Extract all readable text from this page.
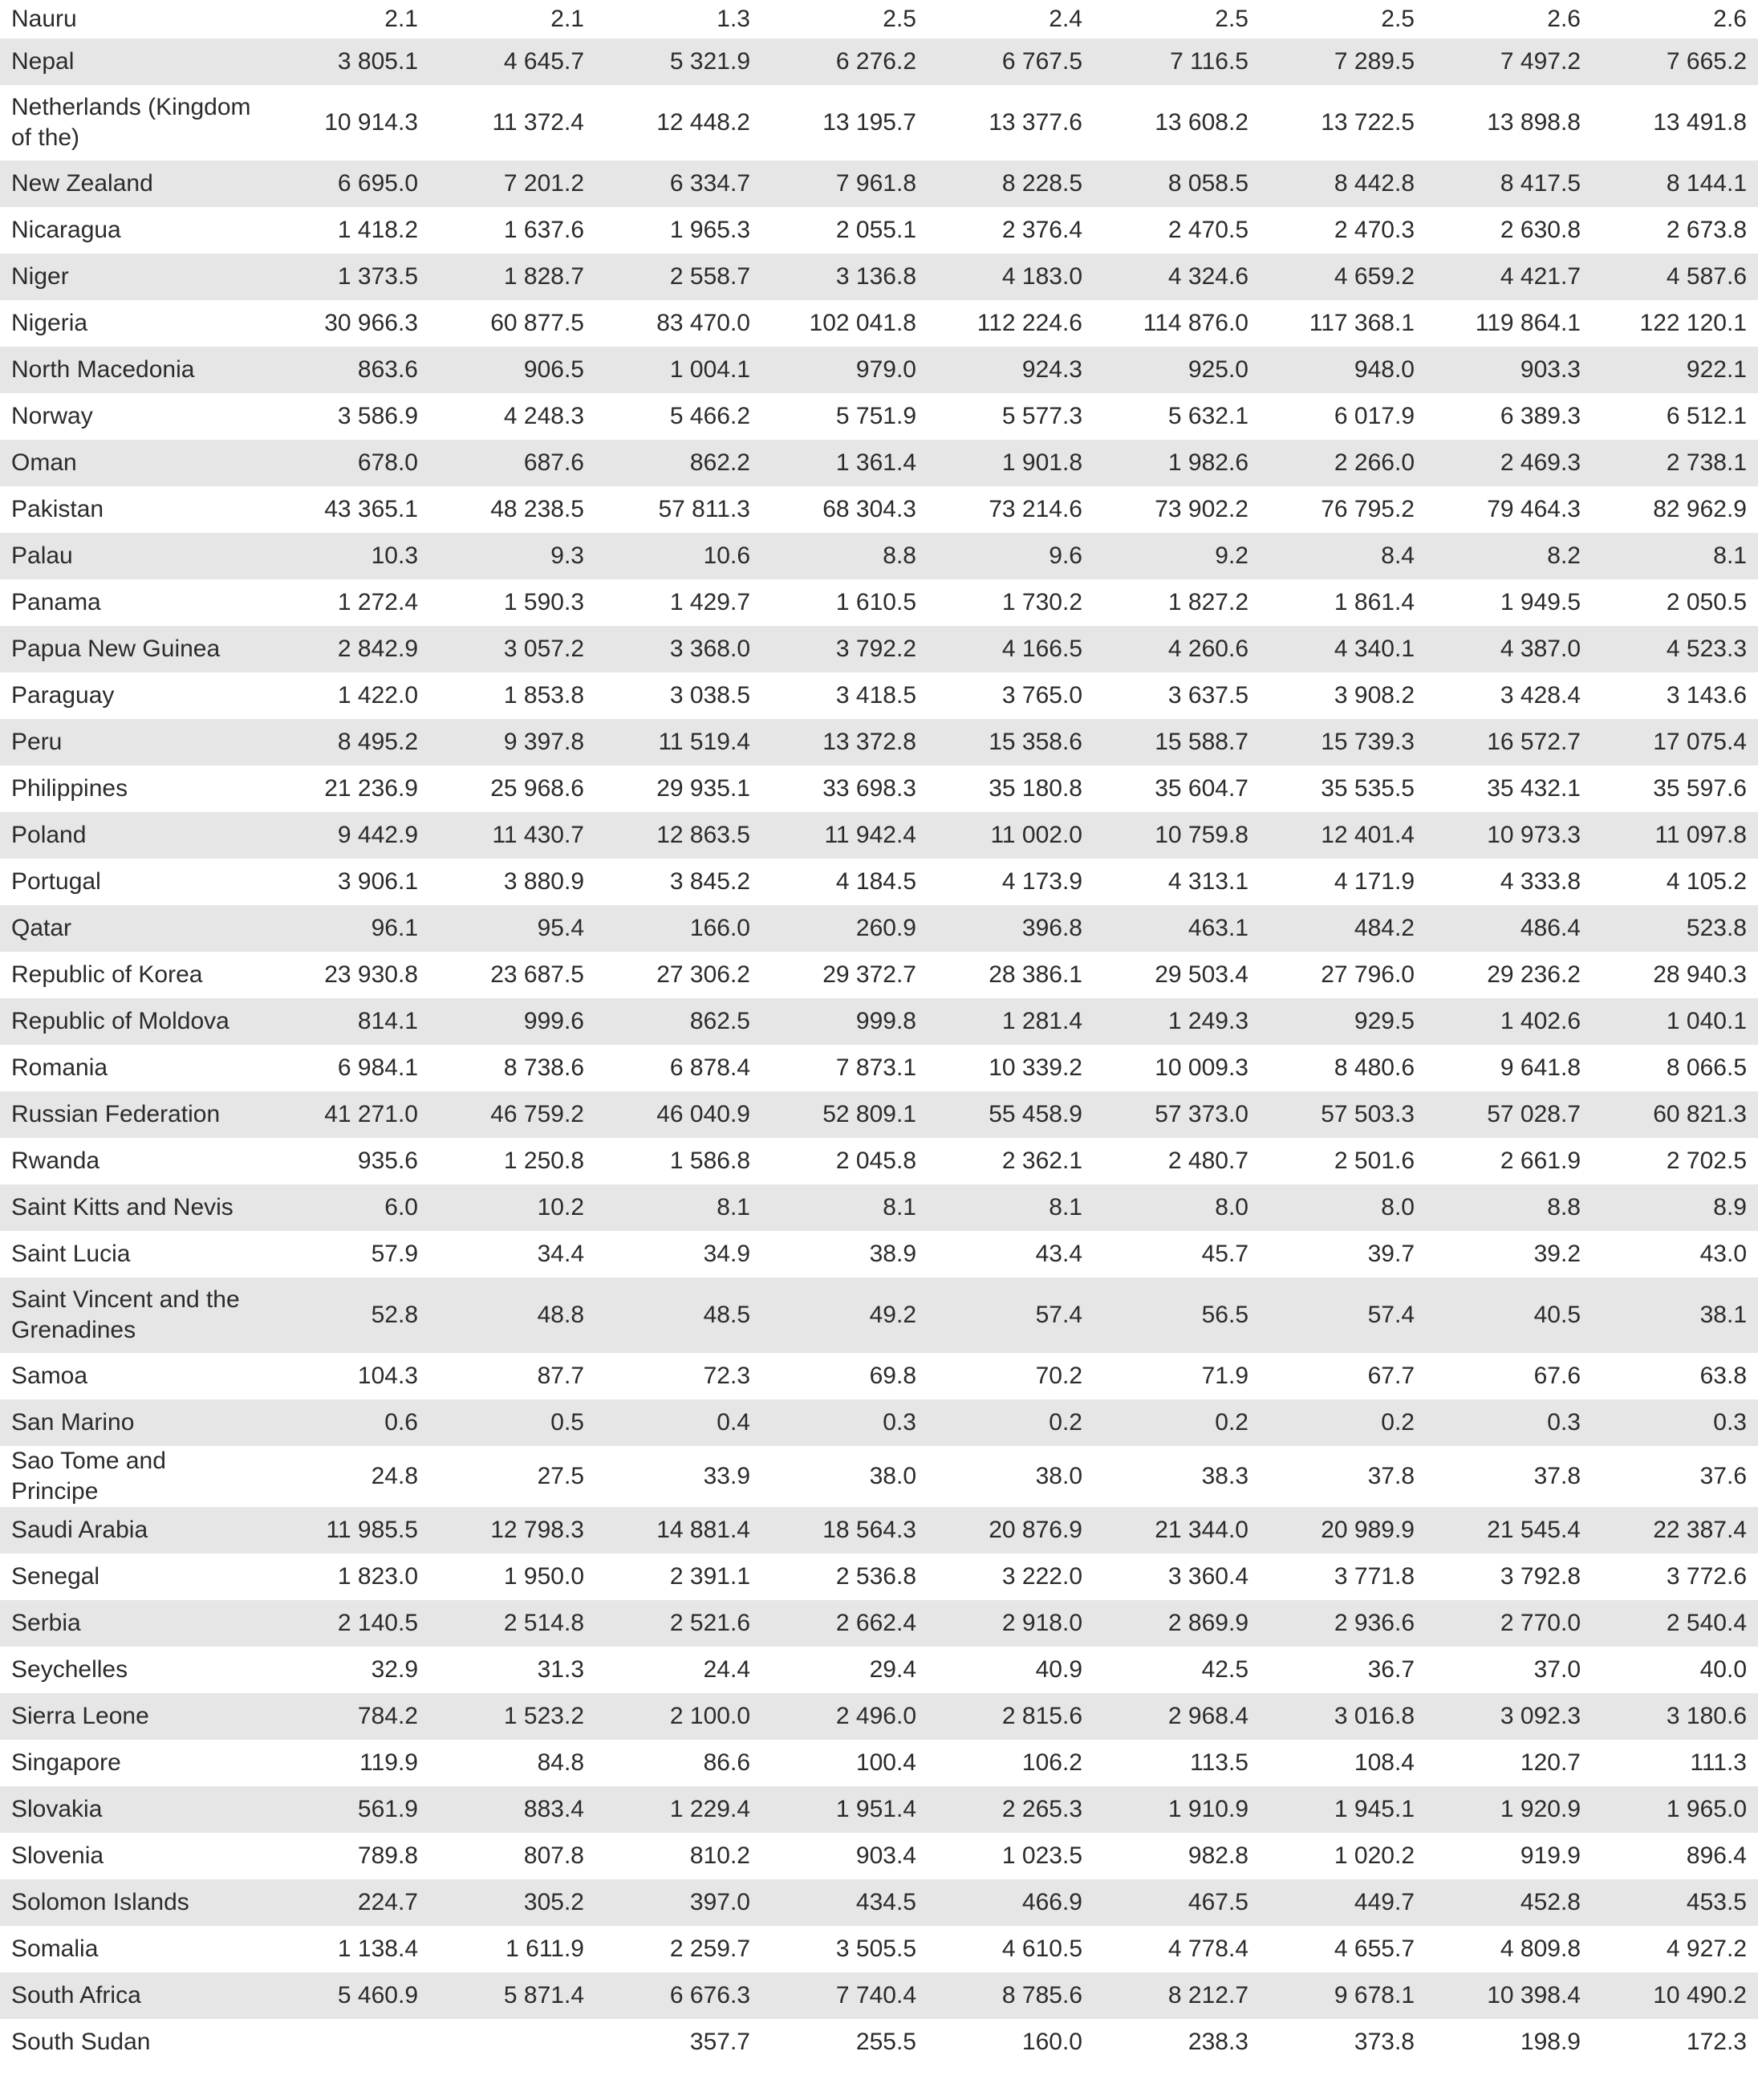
Nauru	2.1	2.1	1.3	2.5	2.4	2.5	2.5	2.6	2.6
Nepal	3 805.1	4 645.7	5 321.9	6 276.2	6 767.5	7 116.5	7 289.5	7 497.2	7 665.2
Netherlands (Kingdom of the)	10 914.3	11 372.4	12 448.2	13 195.7	13 377.6	13 608.2	13 722.5	13 898.8	13 491.8
New Zealand	6 695.0	7 201.2	6 334.7	7 961.8	8 228.5	8 058.5	8 442.8	8 417.5	8 144.1
Nicaragua	1 418.2	1 637.6	1 965.3	2 055.1	2 376.4	2 470.5	2 470.3	2 630.8	2 673.8
Niger	1 373.5	1 828.7	2 558.7	3 136.8	4 183.0	4 324.6	4 659.2	4 421.7	4 587.6
Nigeria	30 966.3	60 877.5	83 470.0	102 041.8	112 224.6	114 876.0	117 368.1	119 864.1	122 120.1
North Macedonia	863.6	906.5	1 004.1	979.0	924.3	925.0	948.0	903.3	922.1
Norway	3 586.9	4 248.3	5 466.2	5 751.9	5 577.3	5 632.1	6 017.9	6 389.3	6 512.1
Oman	678.0	687.6	862.2	1 361.4	1 901.8	1 982.6	2 266.0	2 469.3	2 738.1
Pakistan	43 365.1	48 238.5	57 811.3	68 304.3	73 214.6	73 902.2	76 795.2	79 464.3	82 962.9
Palau	10.3	9.3	10.6	8.8	9.6	9.2	8.4	8.2	8.1
Panama	1 272.4	1 590.3	1 429.7	1 610.5	1 730.2	1 827.2	1 861.4	1 949.5	2 050.5
Papua New Guinea	2 842.9	3 057.2	3 368.0	3 792.2	4 166.5	4 260.6	4 340.1	4 387.0	4 523.3
Paraguay	1 422.0	1 853.8	3 038.5	3 418.5	3 765.0	3 637.5	3 908.2	3 428.4	3 143.6
Peru	8 495.2	9 397.8	11 519.4	13 372.8	15 358.6	15 588.7	15 739.3	16 572.7	17 075.4
Philippines	21 236.9	25 968.6	29 935.1	33 698.3	35 180.8	35 604.7	35 535.5	35 432.1	35 597.6
Poland	9 442.9	11 430.7	12 863.5	11 942.4	11 002.0	10 759.8	12 401.4	10 973.3	11 097.8
Portugal	3 906.1	3 880.9	3 845.2	4 184.5	4 173.9	4 313.1	4 171.9	4 333.8	4 105.2
Qatar	96.1	95.4	166.0	260.9	396.8	463.1	484.2	486.4	523.8
Republic of Korea	23 930.8	23 687.5	27 306.2	29 372.7	28 386.1	29 503.4	27 796.0	29 236.2	28 940.3
Republic of Moldova	814.1	999.6	862.5	999.8	1 281.4	1 249.3	929.5	1 402.6	1 040.1
Romania	6 984.1	8 738.6	6 878.4	7 873.1	10 339.2	10 009.3	8 480.6	9 641.8	8 066.5
Russian Federation	41 271.0	46 759.2	46 040.9	52 809.1	55 458.9	57 373.0	57 503.3	57 028.7	60 821.3
Rwanda	935.6	1 250.8	1 586.8	2 045.8	2 362.1	2 480.7	2 501.6	2 661.9	2 702.5
Saint Kitts and Nevis	6.0	10.2	8.1	8.1	8.1	8.0	8.0	8.8	8.9
Saint Lucia	57.9	34.4	34.9	38.9	43.4	45.7	39.7	39.2	43.0
Saint Vincent and the Grenadines	52.8	48.8	48.5	49.2	57.4	56.5	57.4	40.5	38.1
Samoa	104.3	87.7	72.3	69.8	70.2	71.9	67.7	67.6	63.8
San Marino	0.6	0.5	0.4	0.3	0.2	0.2	0.2	0.3	0.3
Sao Tome and Principe	24.8	27.5	33.9	38.0	38.0	38.3	37.8	37.8	37.6
Saudi Arabia	11 985.5	12 798.3	14 881.4	18 564.3	20 876.9	21 344.0	20 989.9	21 545.4	22 387.4
Senegal	1 823.0	1 950.0	2 391.1	2 536.8	3 222.0	3 360.4	3 771.8	3 792.8	3 772.6
Serbia	2 140.5	2 514.8	2 521.6	2 662.4	2 918.0	2 869.9	2 936.6	2 770.0	2 540.4
Seychelles	32.9	31.3	24.4	29.4	40.9	42.5	36.7	37.0	40.0
Sierra Leone	784.2	1 523.2	2 100.0	2 496.0	2 815.6	2 968.4	3 016.8	3 092.3	3 180.6
Singapore	119.9	84.8	86.6	100.4	106.2	113.5	108.4	120.7	111.3
Slovakia	561.9	883.4	1 229.4	1 951.4	2 265.3	1 910.9	1 945.1	1 920.9	1 965.0
Slovenia	789.8	807.8	810.2	903.4	1 023.5	982.8	1 020.2	919.9	896.4
Solomon Islands	224.7	305.2	397.0	434.5	466.9	467.5	449.7	452.8	453.5
Somalia	1 138.4	1 611.9	2 259.7	3 505.5	4 610.5	4 778.4	4 655.7	4 809.8	4 927.2
South Africa	5 460.9	5 871.4	6 676.3	7 740.4	8 785.6	8 212.7	9 678.1	10 398.4	10 490.2
South Sudan			357.7	255.5	160.0	238.3	373.8	198.9	172.3
